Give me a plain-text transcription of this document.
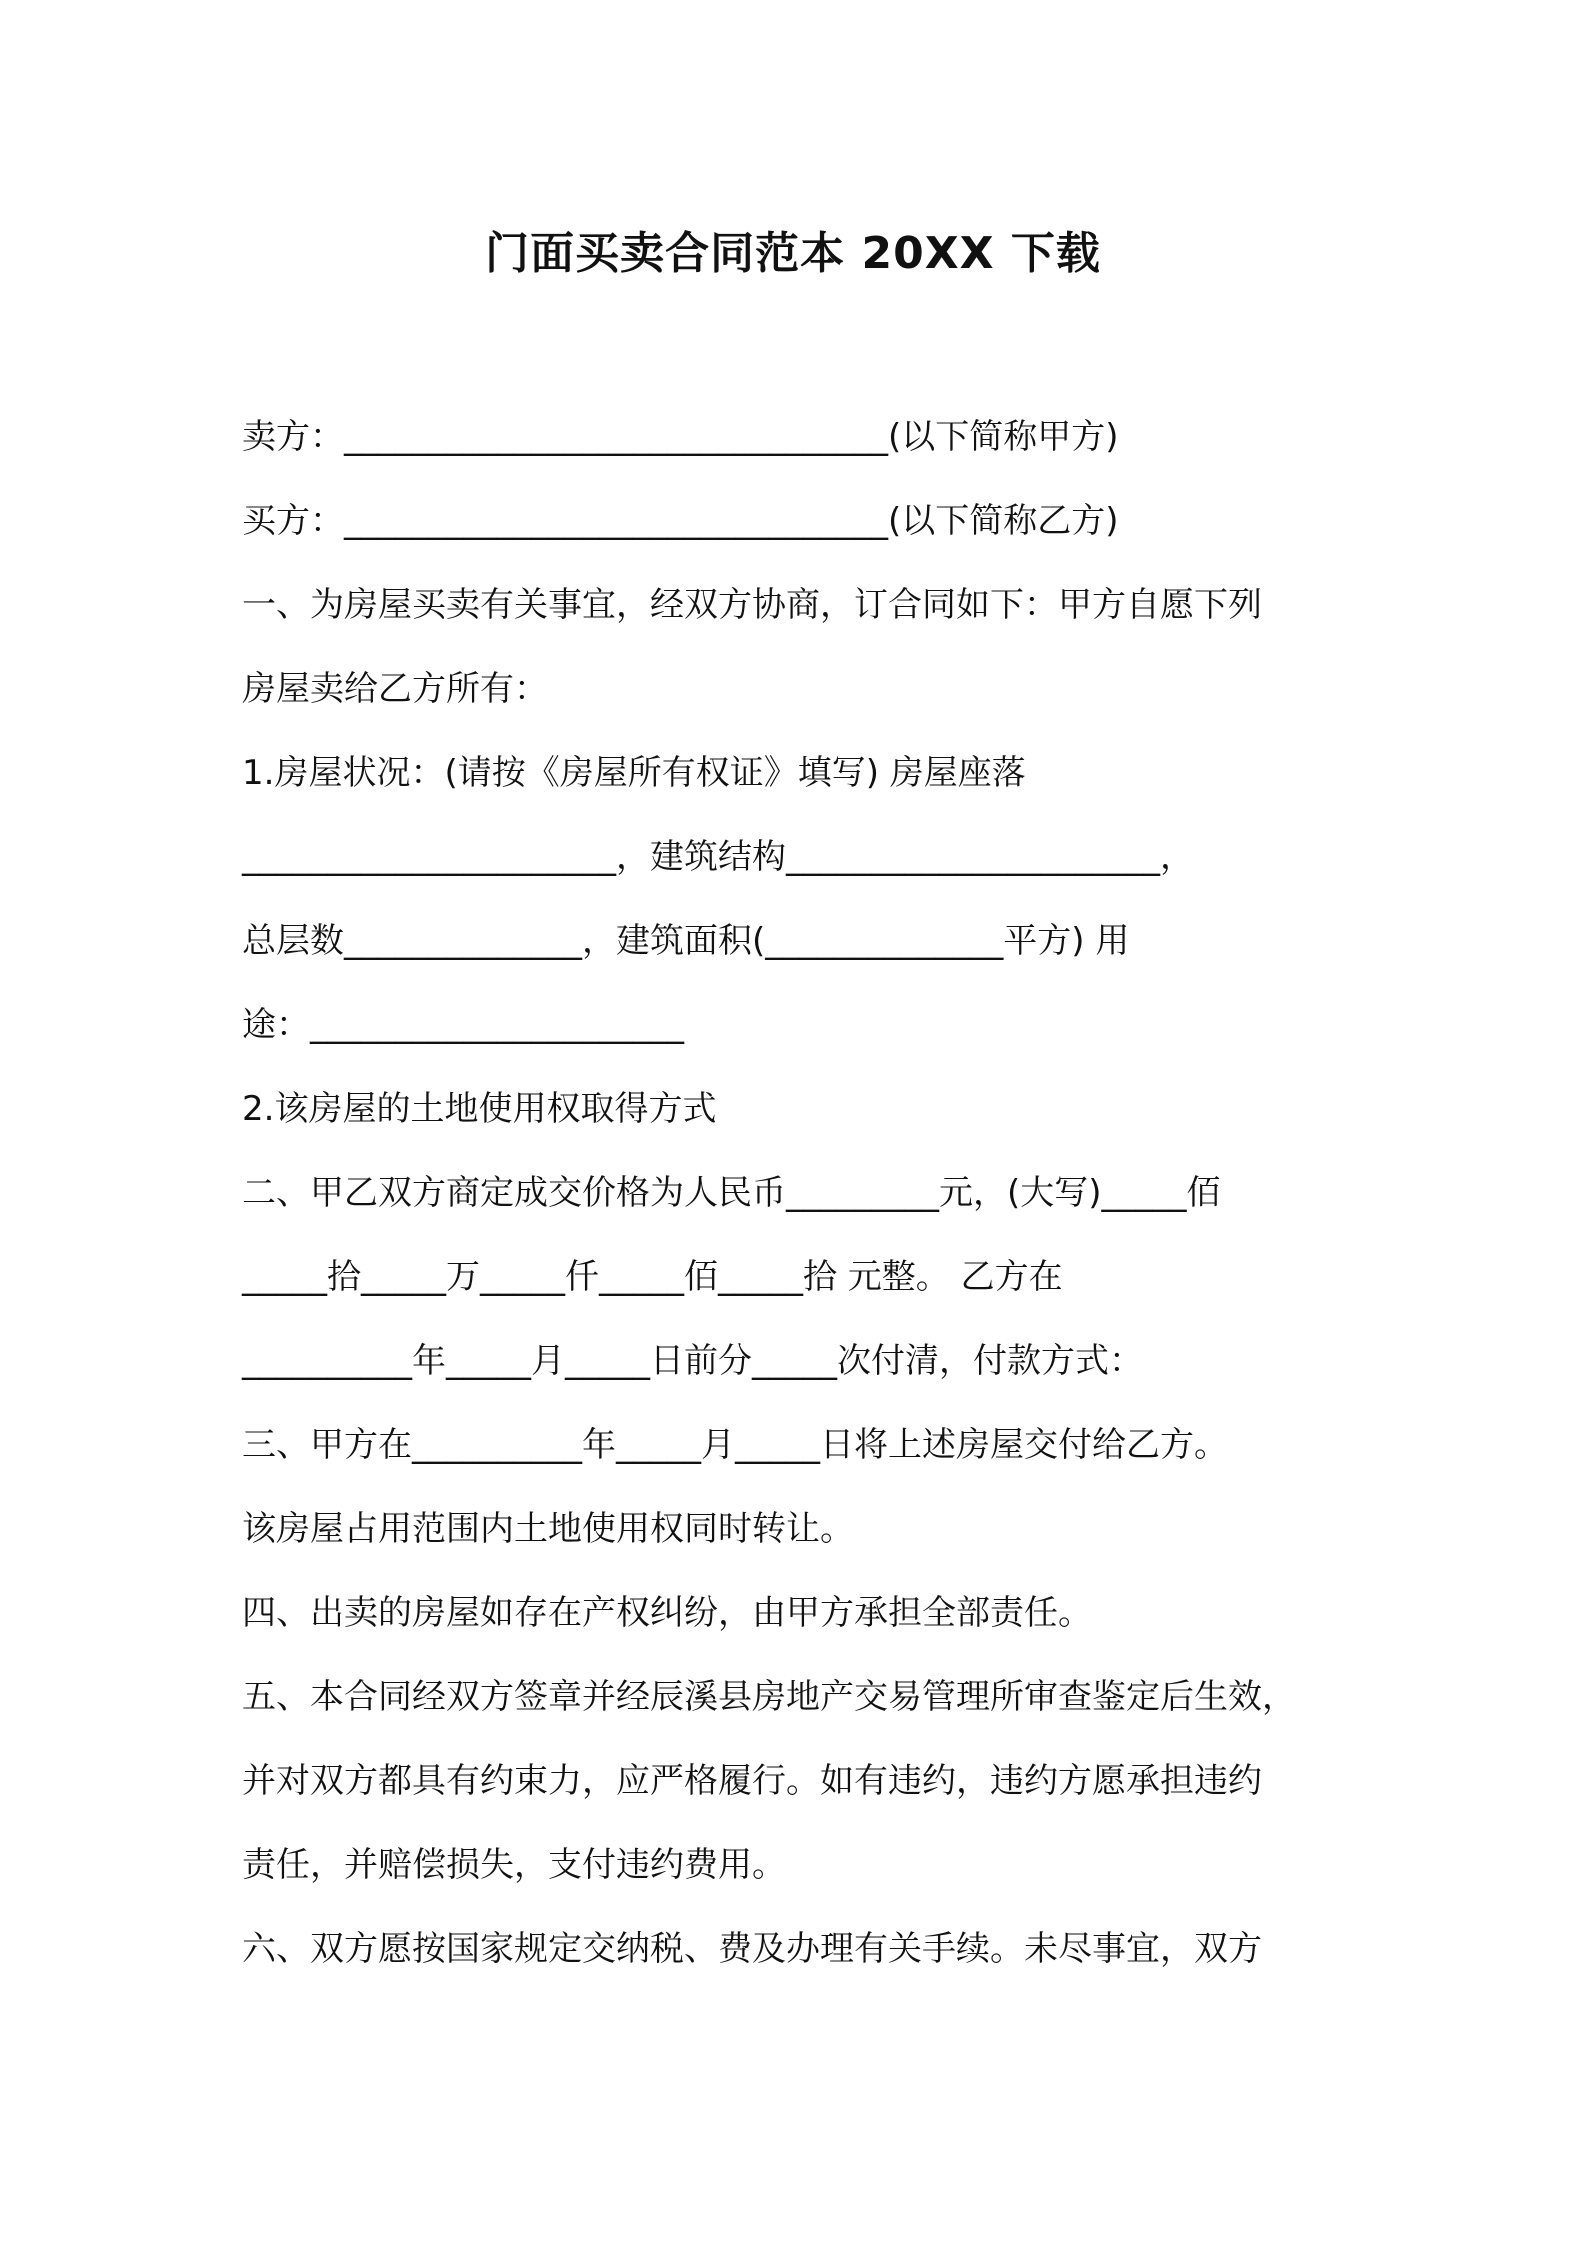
门面买卖合同范本 20XX 下载

卖方：________________________________(以下简称甲方)

买方：________________________________(以下简称乙方)

一、为房屋买卖有关事宜，经双方协商，订合同如下：甲方自愿下列

房屋卖给乙方所有：

1.房屋状况：(请按《房屋所有权证》填写) 房屋座落

______________________，建筑结构______________________，

总层数______________，建筑面积(______________平方) 用

途：______________________

2.该房屋的土地使用权取得方式

二、甲乙双方商定成交价格为人民币_________元，(大写)_____佰

_____拾_____万_____仟_____佰_____拾 元整。 乙方在

__________年_____月_____日前分_____次付清，付款方式：

三、甲方在__________年_____月_____日将上述房屋交付给乙方。

该房屋占用范围内土地使用权同时转让。

四、出卖的房屋如存在产权纠纷，由甲方承担全部责任。

五、本合同经双方签章并经辰溪县房地产交易管理所审查鉴定后生效，

并对双方都具有约束力，应严格履行。如有违约，违约方愿承担违约

责任，并赔偿损失，支付违约费用。

六、双方愿按国家规定交纳税、费及办理有关手续。未尽事宜，双方
